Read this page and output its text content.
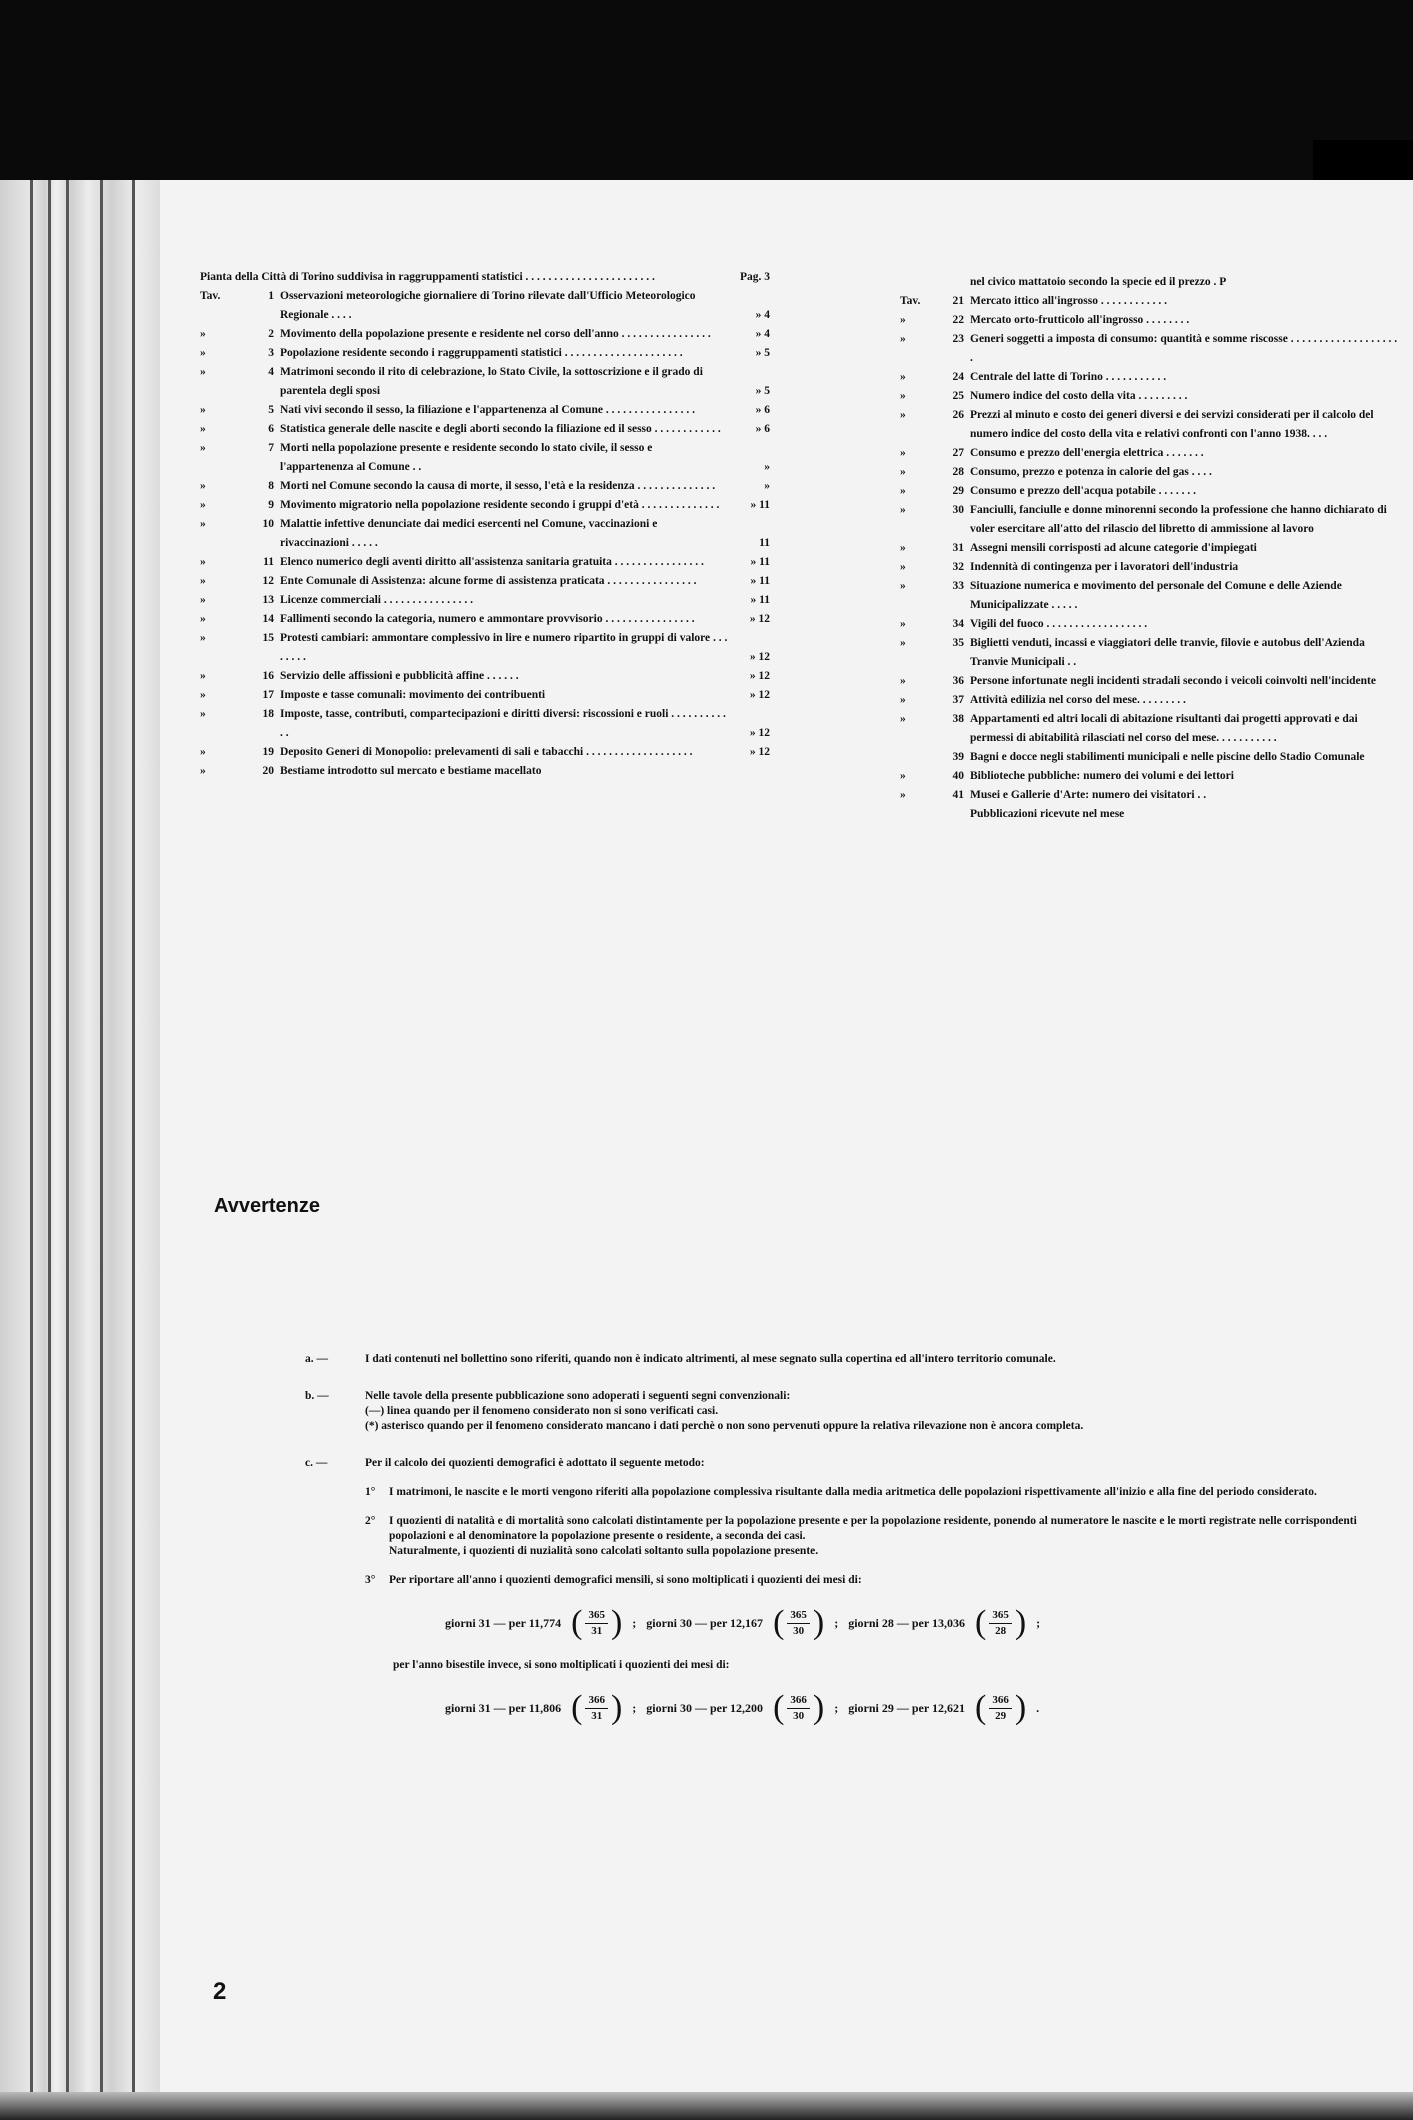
Pianta della Città di Torino suddivisa in raggruppamenti statistici . . . . . . . . . . . . . . . . . . . . . . .	Pag. 3
Tav.	1 Osservazioni meteorologiche giornaliere di Torino rilevate dall'Ufficio Meteorologico Regionale . . . .	» 4
»	2 Movimento della popolazione presente e residente nel corso dell'anno . . . . . . . . . . . . . . . .	» 4
»	3 Popolazione residente secondo i raggruppamenti statistici . . . . . . . . . . . . . . . . . . . . .	» 5
»	4 Matrimoni secondo il rito di celebrazione, lo Stato Civile, la sottoscrizione e il grado di parentela degli sposi	» 5
»	5 Nati vivi secondo il sesso, la filiazione e l'appartenenza al Comune . . . . . . . . . . . . . . . .	» 6
»	6 Statistica generale delle nascite e degli aborti secondo la filiazione ed il sesso . . . . . . . . . . . .	» 6
»	7 Morti nella popolazione presente e residente secondo lo stato civile, il sesso e l'appartenenza al Comune . .	»
»	8 Morti nel Comune secondo la causa di morte, il sesso, l'età e la residenza . . . . . . . . . . . . . .	»
»	9 Movimento migratorio nella popolazione residente secondo i gruppi d'età . . . . . . . . . . . . . .	» 11
»	10 Malattie infettive denunciate dai medici esercenti nel Comune, vaccinazioni e rivaccinazioni . . . . .	11
»	11 Elenco numerico degli aventi diritto all'assistenza sanitaria gratuita . . . . . . . . . . . . . . . .	» 11
»	12 Ente Comunale di Assistenza: alcune forme di assistenza praticata . . . . . . . . . . . . . . . .	» 11
»	13 Licenze commerciali . . . . . . . . . . . . . . . .	» 11
»	14 Fallimenti secondo la categoria, numero e ammontare provvisorio . . . . . . . . . . . . . . . .	» 12
»	15 Protesti cambiari: ammontare complessivo in lire e numero ripartito in gruppi di valore . . . . . . . .	» 12
»	16 Servizio delle affissioni e pubblicità affine . . . . . .	» 12
»	17 Imposte e tasse comunali: movimento dei contribuenti	» 12
»	18 Imposte, tasse, contributi, compartecipazioni e diritti diversi: riscossioni e ruoli . . . . . . . . . . . .	» 12
»	19 Deposito Generi di Monopolio: prelevamenti di sali e tabacchi . . . . . . . . . . . . . . . . . . .	» 12
»	20 Bestiame introdotto sul mercato e bestiame macellato
nel civico mattatoio secondo la specie ed il prezzo . P
Tav.	21 Mercato ittico all'ingrosso . . . . . . . . . . . .
»	22 Mercato orto-frutticolo all'ingrosso . . . . . . . .
»	23 Generi soggetti a imposta di consumo: quantità e somme riscosse . . . . . . . . . . . . . . . . . . . .
»	24 Centrale del latte di Torino . . . . . . . . . . .
»	25 Numero indice del costo della vita . . . . . . . . .
»	26 Prezzi al minuto e costo dei generi diversi e dei servizi considerati per il calcolo del numero indice del costo della vita e relativi confronti con l'anno 1938. . . .
»	27 Consumo e prezzo dell'energia elettrica . . . . . . .
»	28 Consumo, prezzo e potenza in calorie del gas . . . .
»	29 Consumo e prezzo dell'acqua potabile . . . . . . .
»	30 Fanciulli, fanciulle e donne minorenni secondo la professione che hanno dichiarato di voler esercitare all'atto del rilascio del libretto di ammissione al lavoro
»	31 Assegni mensili corrisposti ad alcune categorie d'impiegati
»	32 Indennità di contingenza per i lavoratori dell'industria
»	33 Situazione numerica e movimento del personale del Comune e delle Aziende Municipalizzate . . . . .
»	34 Vigili del fuoco . . . . . . . . . . . . . . . . . .
»	35 Biglietti venduti, incassi e viaggiatori delle tranvie, filovie e autobus dell'Azienda Tranvie Municipali . .
»	36 Persone infortunate negli incidenti stradali secondo i veicoli coinvolti nell'incidente
»	37 Attività edilizia nel corso del mese. . . . . . . . .
»	38 Appartamenti ed altri locali di abitazione risultanti dai progetti approvati e dai permessi di abitabilità rilasciati nel corso del mese. . . . . . . . . . .
39 Bagni e docce negli stabilimenti municipali e nelle piscine dello Stadio Comunale
»	40 Biblioteche pubbliche: numero dei volumi e dei lettori
»	41 Musei e Gallerie d'Arte: numero dei visitatori . .
Pubblicazioni ricevute nel mese
Avvertenze
a. —	I dati contenuti nel bollettino sono riferiti, quando non è indicato altrimenti, al mese segnato sulla copertina ed all'intero territorio comunale.
b. —	Nelle tavole della presente pubblicazione sono adoperati i seguenti segni convenzionali:
(—) linea quando per il fenomeno considerato non si sono verificati casi.
(*) asterisco quando per il fenomeno considerato mancano i dati perchè o non sono pervenuti oppure la relativa rilevazione non è ancora completa.
c. —	Per il calcolo dei quozienti demografici è adottato il seguente metodo:
1°	I matrimoni, le nascite e le morti vengono riferiti alla popolazione complessiva risultante dalla media aritmetica delle popolazioni rispettivamente all'inizio e alla fine del periodo considerato.
2°	I quozienti di natalità e di mortalità sono calcolati distintamente per la popolazione presente e per la popolazione residente, ponendo al numeratore le nascite e le morti registrate nelle corrispondenti popolazioni e al denominatore la popolazione presente o residente, a seconda dei casi.
Naturalmente, i quozienti di nuzialità sono calcolati soltanto sulla popolazione presente.
3°	Per riportare all'anno i quozienti demografici mensili, si sono moltiplicati i quozienti dei mesi di:
giorni 31 — per 11,774 ( $\frac{365}{31}$ ) ; giorni 30 — per 12,167 ( $\frac{365}{30}$ ) ; giorni 28 — per 13,036 ( $\frac{365}{28}$ ) ;
per l'anno bisestile invece, si sono moltiplicati i quozienti dei mesi di:
giorni 31 — per 11,806 ( $\frac{366}{31}$ ) ; giorni 30 — per 12,200 ( $\frac{366}{30}$ ) ; giorni 29 — per 12,621 ( $\frac{366}{29}$ ) .
2
